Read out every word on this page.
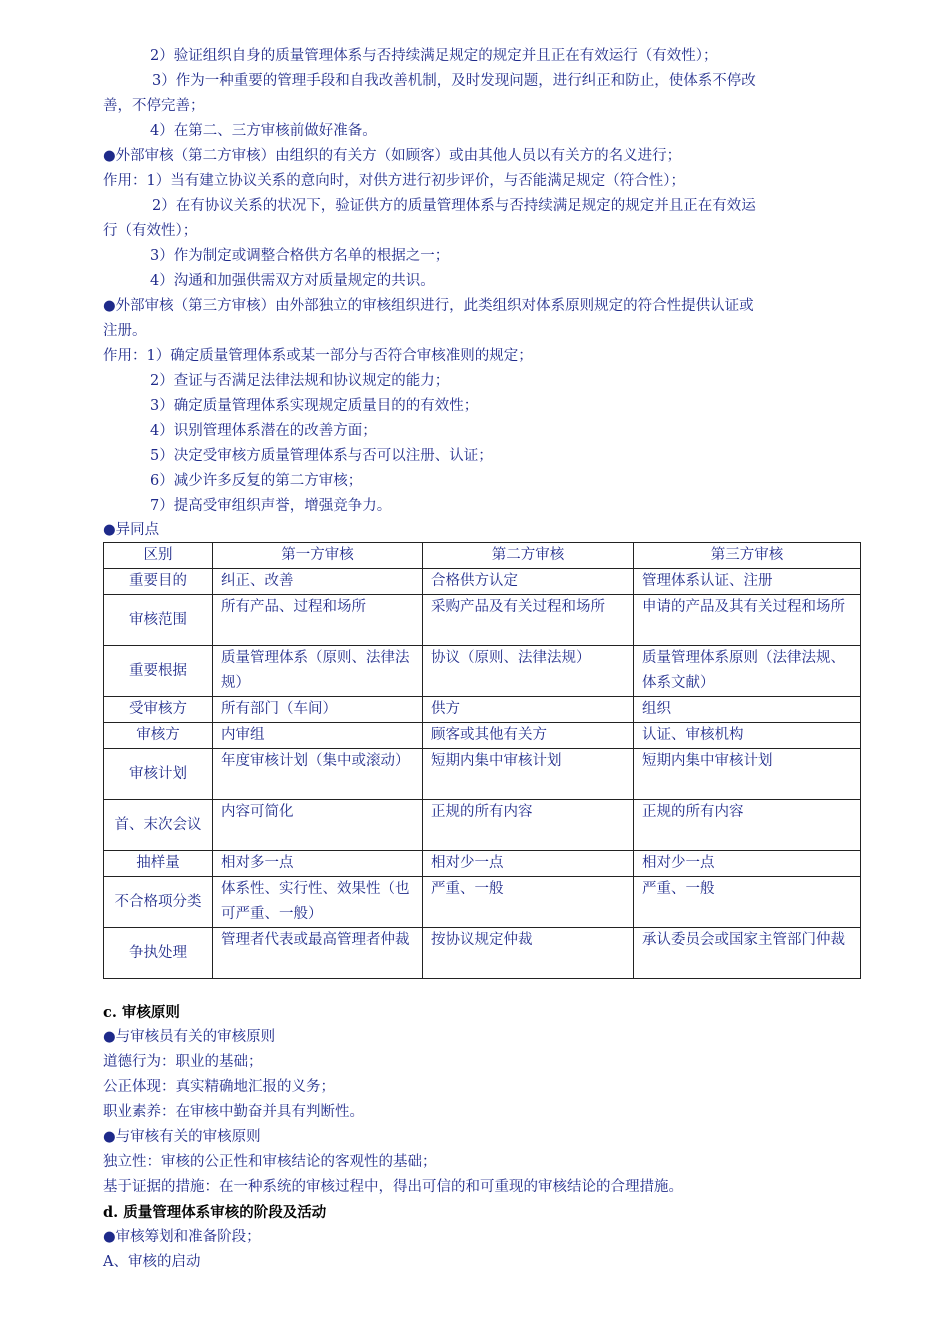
2）验证组织自身的质量管理体系与否持续满足规定的规定并且正在有效运行（有效性）；
3）作为一种重要的管理手段和自我改善机制，及时发现问题，进行纠正和防止，使体系不停改
善，不停完善；
4）在第二、三方审核前做好准备。
●外部审核（第二方审核）由组织的有关方（如顾客）或由其他人员以有关方的名义进行；
作用：1）当有建立协议关系的意向时，对供方进行初步评价，与否能满足规定（符合性）；
2）在有协议关系的状况下，验证供方的质量管理体系与否持续满足规定的规定并且正在有效运
行（有效性）；
3）作为制定或调整合格供方名单的根据之一；
4）沟通和加强供需双方对质量规定的共识。
●外部审核（第三方审核）由外部独立的审核组织进行，此类组织对体系原则规定的符合性提供认证或
注册。
作用：1）确定质量管理体系或某一部分与否符合审核准则的规定；
2）查证与否满足法律法规和协议规定的能力；
3）确定质量管理体系实现规定质量目的的有效性；
4）识别管理体系潜在的改善方面；
5）决定受审核方质量管理体系与否可以注册、认证；
6）减少许多反复的第二方审核；
7）提高受审组织声誉，增强竞争力。
●异同点
区别	第一方审核	第二方审核	第三方审核
重要目的	纠正、改善	合格供方认定	管理体系认证、注册
审核范围	所有产品、过程和场所	采购产品及有关过程和场所	申请的产品及其有关过程和场所
重要根据	质量管理体系（原则、法律法规）	协议（原则、法律法规）	质量管理体系原则（法律法规、体系文献）
受审核方	所有部门（车间）	供方	组织
审核方	内审组	顾客或其他有关方	认证、审核机构
审核计划	年度审核计划（集中或滚动）	短期内集中审核计划	短期内集中审核计划
首、末次会议	内容可简化	正规的所有内容	正规的所有内容
抽样量	相对多一点	相对少一点	相对少一点
不合格项分类	体系性、实行性、效果性（也可严重、一般）	严重、一般	严重、一般
争执处理	管理者代表或最高管理者仲裁	按协议规定仲裁	承认委员会或国家主管部门仲裁
c. 审核原则
●与审核员有关的审核原则
道德行为：职业的基础；
公正体现：真实精确地汇报的义务；
职业素养：在审核中勤奋并具有判断性。
●与审核有关的审核原则
独立性：审核的公正性和审核结论的客观性的基础；
基于证据的措施：在一种系统的审核过程中，得出可信的和可重现的审核结论的合理措施。
d. 质量管理体系审核的阶段及活动
●审核筹划和准备阶段；
A、审核的启动
